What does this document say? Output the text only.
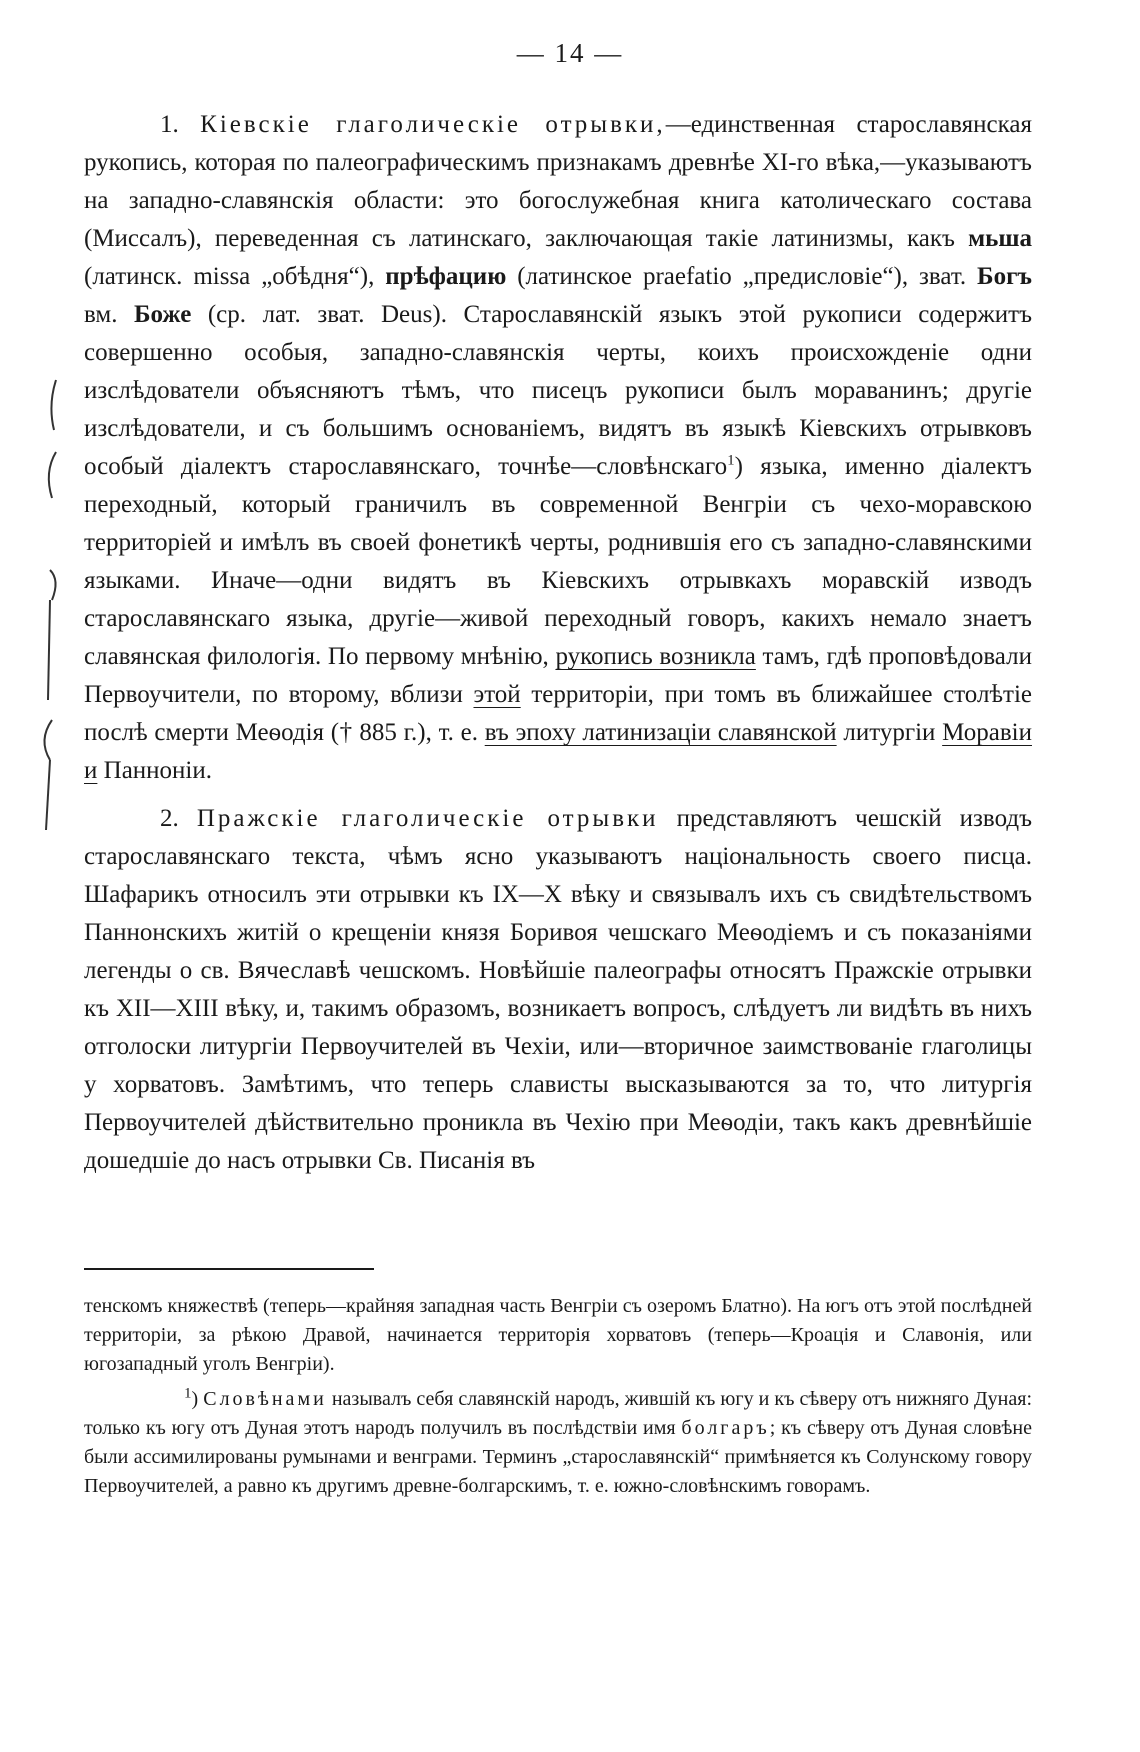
— 14 —

1. Кіевскіе глаголическіе отрывки,—единственная старославянская рукопись, которая по палеографическимъ признакамъ древнѣе XI-го вѣка,—указываютъ на западно-славянскія области: это богослужебная книга католическаго состава (Миссалъ), переведенная съ латинскаго, заключающая такіе латинизмы, какъ мьша (латинск. missa „обѣдня“), прѣфацию (латинское praefatio „предисловіе“), зват. Богъ вм. Боже (ср. лат. зват. Deus). Старославянскій языкъ этой рукописи содержитъ совершенно особыя, западно-славянскія черты, коихъ происхожденіе одни изслѣдователи объясняютъ тѣмъ, что писецъ рукописи былъ мораванинъ; другіе изслѣдователи, и съ большимъ основаніемъ, видятъ въ языкѣ Кіевскихъ отрывковъ особый діалектъ старославянскаго, точнѣе—словѣнскаго$^1$) языка, именно діалектъ переходный, который граничилъ въ современной Венгріи съ чехо-моравскою территоріей и имѣлъ въ своей фонетикѣ черты, роднившія его съ западно-славянскими языками. Иначе—одни видятъ въ Кіевскихъ отрывкахъ моравскій изводъ старославянскаго языка, другіе—живой переходный говоръ, какихъ немало знаетъ славянская филологія. По первому мнѣнію, рукопись возникла тамъ, гдѣ проповѣдовали Первоучители, по второму, вблизи этой территоріи, при томъ въ ближайшее столѣтіе послѣ смерти Меѳодія († 885 г.), т. е. въ эпоху латинизаціи славянской литургіи Моравіи и Панноніи.

2. Пражскіе глаголическіе отрывки представляютъ чешскій изводъ старославянскаго текста, чѣмъ ясно указываютъ національность своего писца. Шафарикъ относилъ эти отрывки къ IX—X вѣку и связывалъ ихъ съ свидѣтельствомъ Паннонскихъ житій о крещеніи князя Боривоя чешскаго Меѳодіемъ и съ показаніями легенды о св. Вячеславѣ чешскомъ. Новѣйшіе палеографы относятъ Пражскіе отрывки къ XII—XIII вѣку, и, такимъ образомъ, возникаетъ вопросъ, слѣдуетъ ли видѣть въ нихъ отголоски литургіи Первоучителей въ Чехіи, или—вторичное заимствованіе глаголицы у хорватовъ. Замѣтимъ, что теперь слависты высказываются за то, что литургія Первоучителей дѣйствительно проникла въ Чехію при Меѳодіи, такъ какъ древнѣйшіе дошедшіе до насъ отрывки Св. Писанія въ

тенскомъ княжествѣ (теперь—крайняя западная часть Венгріи съ озеромъ Блатно). На югъ отъ этой послѣдней территоріи, за рѣкою Дравой, начинается территорія хорватовъ (теперь—Кроація и Славонія, или югозападный уголъ Венгріи).

$^1$) Словѣнами называлъ себя славянскій народъ, жившій къ югу и къ сѣверу отъ нижняго Дуная: только къ югу отъ Дуная этотъ народъ получилъ въ послѣдствіи имя болгаръ; къ сѣверу отъ Дуная словѣне были ассимилированы румынами и венграми. Терминъ „старославянскій“ примѣняется къ Солунскому говору Первоучителей, а равно къ другимъ древне-болгарскимъ, т. е. южно-словѣнскимъ говорамъ.
